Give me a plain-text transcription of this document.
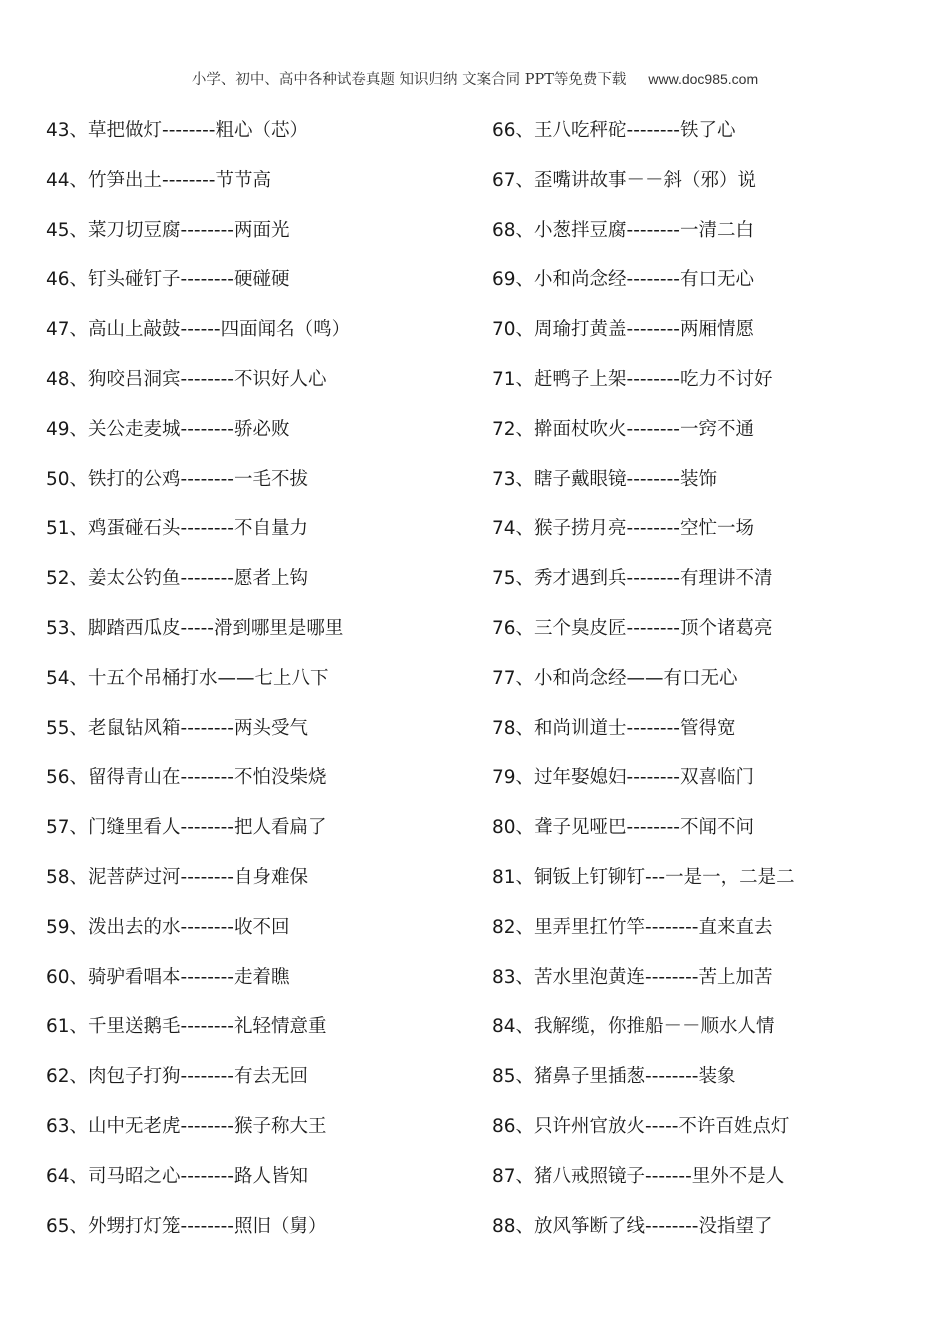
小学、初中、高中各种试卷真题 知识归纳 文案合同 PPT等免费下载 www.doc985.com
43、草把做灯--------粗心（芯）
44、竹笋出土--------节节高
45、菜刀切豆腐--------两面光
46、钉头碰钉子--------硬碰硬
47、高山上敲鼓------四面闻名（鸣）
48、狗咬吕洞宾--------不识好人心
49、关公走麦城--------骄必败
50、铁打的公鸡--------一毛不拔
51、鸡蛋碰石头--------不自量力
52、姜太公钓鱼--------愿者上钩
53、脚踏西瓜皮-----滑到哪里是哪里
54、十五个吊桶打水——七上八下
55、老鼠钻风箱--------两头受气
56、留得青山在--------不怕没柴烧
57、门缝里看人--------把人看扁了
58、泥菩萨过河--------自身难保
59、泼出去的水--------收不回
60、骑驴看唱本--------走着瞧
61、千里送鹅毛--------礼轻情意重
62、肉包子打狗--------有去无回
63、山中无老虎--------猴子称大王
64、司马昭之心--------路人皆知
65、外甥打灯笼--------照旧（舅）
66、王八吃秤砣--------铁了心
67、歪嘴讲故事－－斜（邪）说
68、小葱拌豆腐--------一清二白
69、小和尚念经--------有口无心
70、周瑜打黄盖--------两厢情愿
71、赶鸭子上架--------吃力不讨好
72、擀面杖吹火--------一窍不通
73、瞎子戴眼镜--------装饰
74、猴子捞月亮--------空忙一场
75、秀才遇到兵--------有理讲不清
76、三个臭皮匠--------顶个诸葛亮
77、小和尚念经——有口无心
78、和尚训道士--------管得宽
79、过年娶媳妇--------双喜临门
80、聋子见哑巴--------不闻不问
81、铜钣上钉铆钉---一是一，二是二
82、里弄里扛竹竿--------直来直去
83、苦水里泡黄连--------苦上加苦
84、我解缆，你推船－－顺水人情
85、猪鼻子里插葱--------装象
86、只许州官放火-----不许百姓点灯
87、猪八戒照镜子-------里外不是人
88、放风筝断了线--------没指望了
